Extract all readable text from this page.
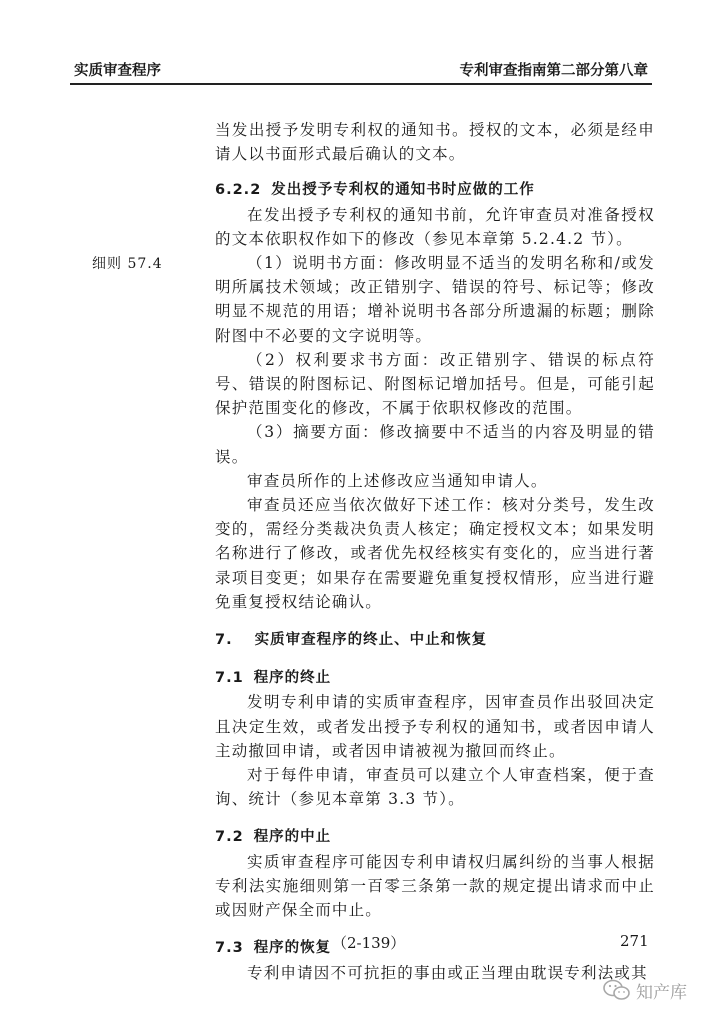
实质审查程序	专利审查指南第二部分第八章
细则 57.4

当发出授予发明专利权的通知书。授权的文本，必须是经申请人以书面形式最后确认的文本。

6.2.2 发出授予专利权的通知书时应做的工作

在发出授予专利权的通知书前，允许审查员对准备授权的文本依职权作如下的修改（参见本章第 5.2.4.2 节）。

（1）说明书方面：修改明显不适当的发明名称和/或发明所属技术领域；改正错别字、错误的符号、标记等；修改明显不规范的用语；增补说明书各部分所遗漏的标题；删除附图中不必要的文字说明等。

（2）权利要求书方面：改正错别字、错误的标点符号、错误的附图标记、附图标记增加括号。但是，可能引起保护范围变化的修改，不属于依职权修改的范围。

（3）摘要方面：修改摘要中不适当的内容及明显的错误。

审查员所作的上述修改应当通知申请人。

审查员还应当依次做好下述工作：核对分类号，发生改变的，需经分类裁决负责人核定；确定授权文本；如果发明名称进行了修改，或者优先权经核实有变化的，应当进行著录项目变更；如果存在需要避免重复授权情形，应当进行避免重复授权结论确认。

7. 实质审查程序的终止、中止和恢复

7.1 程序的终止

发明专利申请的实质审查程序，因审查员作出驳回决定且决定生效，或者发出授予专利权的通知书，或者因申请人主动撤回申请，或者因申请被视为撤回而终止。

对于每件申请，审查员可以建立个人审查档案，便于查询、统计（参见本章第 3.3 节）。

7.2 程序的中止

实质审查程序可能因专利申请权归属纠纷的当事人根据专利法实施细则第一百零三条第一款的规定提出请求而中止或因财产保全而中止。

7.3 程序的恢复

专利申请因不可抗拒的事由或正当理由耽误专利法或其

（2-139）	271
知产库
